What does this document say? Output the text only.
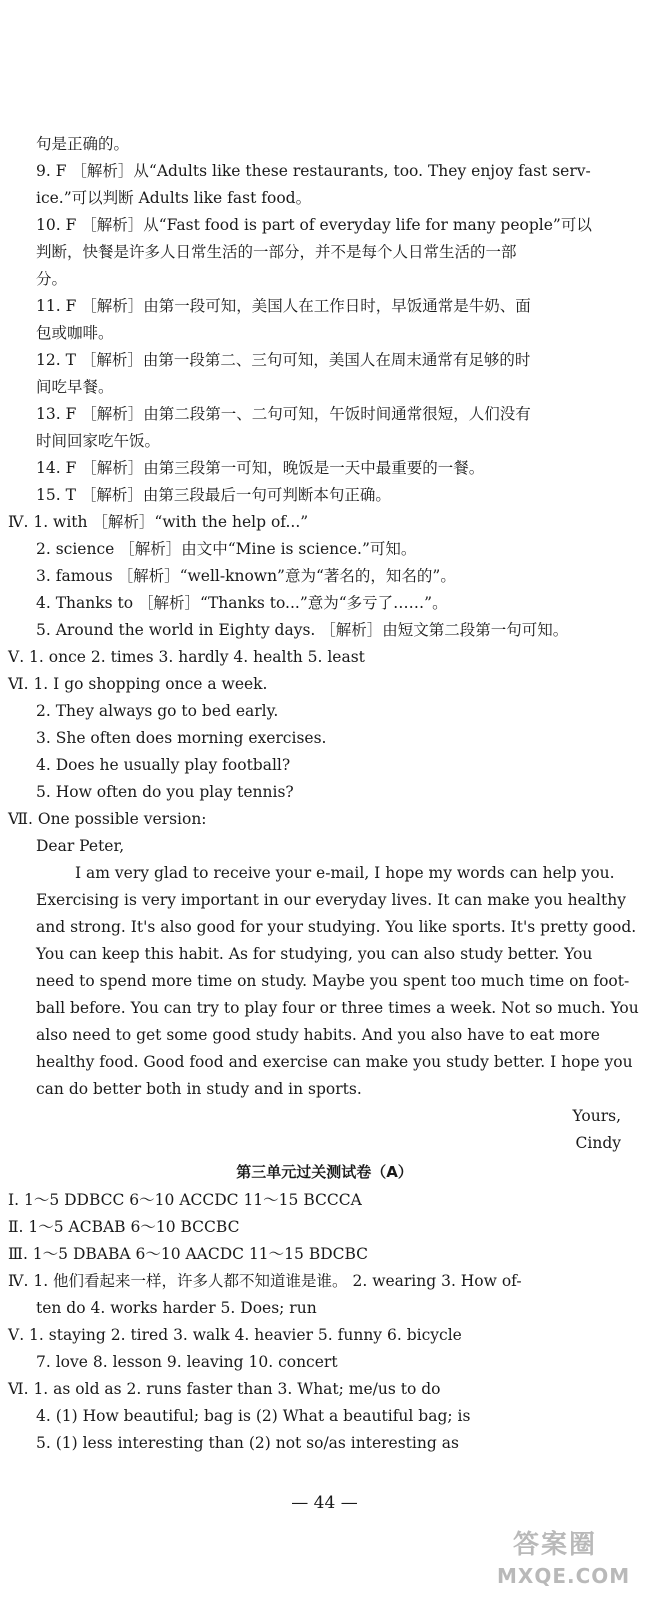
句是正确的。
9. F ［解析］从“Adults like these restaurants, too. They enjoy fast serv-
ice.”可以判断 Adults like fast food。
10. F ［解析］从“Fast food is part of everyday life for many people”可以
判断，快餐是许多人日常生活的一部分，并不是每个人日常生活的一部
分。
11. F ［解析］由第一段可知，美国人在工作日时，早饭通常是牛奶、面
包或咖啡。
12. T ［解析］由第一段第二、三句可知，美国人在周末通常有足够的时
间吃早餐。
13. F ［解析］由第二段第一、二句可知，午饭时间通常很短，人们没有
时间回家吃午饭。
14. F ［解析］由第三段第一可知，晚饭是一天中最重要的一餐。
15. T ［解析］由第三段最后一句可判断本句正确。
Ⅳ. 1. with ［解析］“with the help of...”
2. science ［解析］由文中“Mine is science.”可知。
3. famous ［解析］“well-known”意为“著名的，知名的”。
4. Thanks to ［解析］“Thanks to...”意为“多亏了……”。
5. Around the world in Eighty days. ［解析］由短文第二段第一句可知。
Ⅴ. 1. once 2. times 3. hardly 4. health 5. least
Ⅵ. 1. I go shopping once a week.
2. They always go to bed early.
3. She often does morning exercises.
4. Does he usually play football?
5. How often do you play tennis?
Ⅶ. One possible version:
Dear Peter,
I am very glad to receive your e-mail, I hope my words can help you.
Exercising is very important in our everyday lives. It can make you healthy
and strong. It's also good for your studying. You like sports. It's pretty good.
You can keep this habit. As for studying, you can also study better. You
need to spend more time on study. Maybe you spent too much time on foot-
ball before. You can try to play four or three times a week. Not so much. You
also need to get some good study habits. And you also have to eat more
healthy food. Good food and exercise can make you study better. I hope you
can do better both in study and in sports.
Yours,
Cindy
第三单元过关测试卷（A）
Ⅰ. 1～5 DDBCC 6～10 ACCDC 11～15 BCCCA
Ⅱ. 1～5 ACBAB 6～10 BCCBC
Ⅲ. 1～5 DBABA 6～10 AACDC 11～15 BDCBC
Ⅳ. 1. 他们看起来一样，许多人都不知道谁是谁。 2. wearing 3. How of-
ten do 4. works harder 5. Does; run
Ⅴ. 1. staying 2. tired 3. walk 4. heavier 5. funny 6. bicycle
7. love 8. lesson 9. leaving 10. concert
Ⅵ. 1. as old as 2. runs faster than 3. What; me/us to do
4. (1) How beautiful; bag is (2) What a beautiful bag; is
5. (1) less interesting than (2) not so/as interesting as
— 44 —
答案圈
MXQE.COM
